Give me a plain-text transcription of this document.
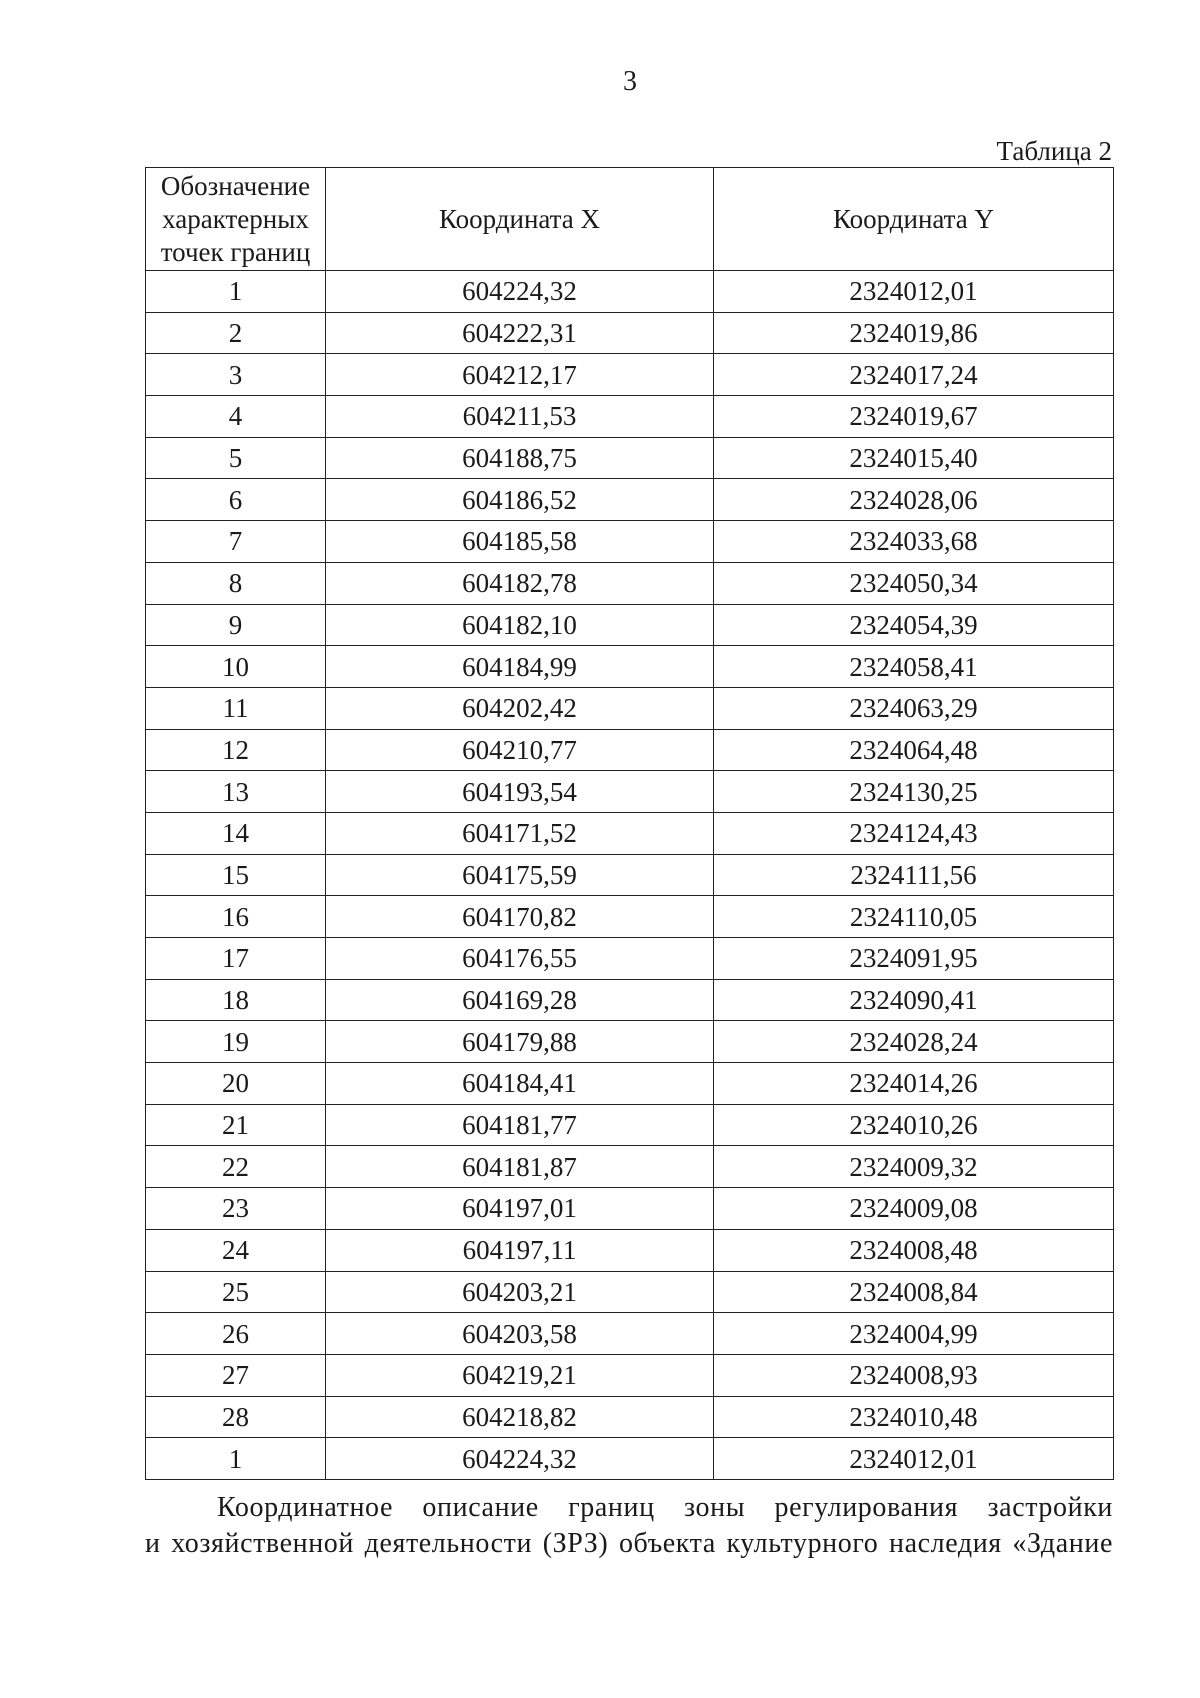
3
Таблица 2
Обозначение характерных точек границ	Координата X	Координата Y
1	604224,32	2324012,01
2	604222,31	2324019,86
3	604212,17	2324017,24
4	604211,53	2324019,67
5	604188,75	2324015,40
6	604186,52	2324028,06
7	604185,58	2324033,68
8	604182,78	2324050,34
9	604182,10	2324054,39
10	604184,99	2324058,41
11	604202,42	2324063,29
12	604210,77	2324064,48
13	604193,54	2324130,25
14	604171,52	2324124,43
15	604175,59	2324111,56
16	604170,82	2324110,05
17	604176,55	2324091,95
18	604169,28	2324090,41
19	604179,88	2324028,24
20	604184,41	2324014,26
21	604181,77	2324010,26
22	604181,87	2324009,32
23	604197,01	2324009,08
24	604197,11	2324008,48
25	604203,21	2324008,84
26	604203,58	2324004,99
27	604219,21	2324008,93
28	604218,82	2324010,48
1	604224,32	2324012,01
Координатное описание границ зоны регулирования застройки
и хозяйственной деятельности (ЗРЗ) объекта культурного наследия «Здание
